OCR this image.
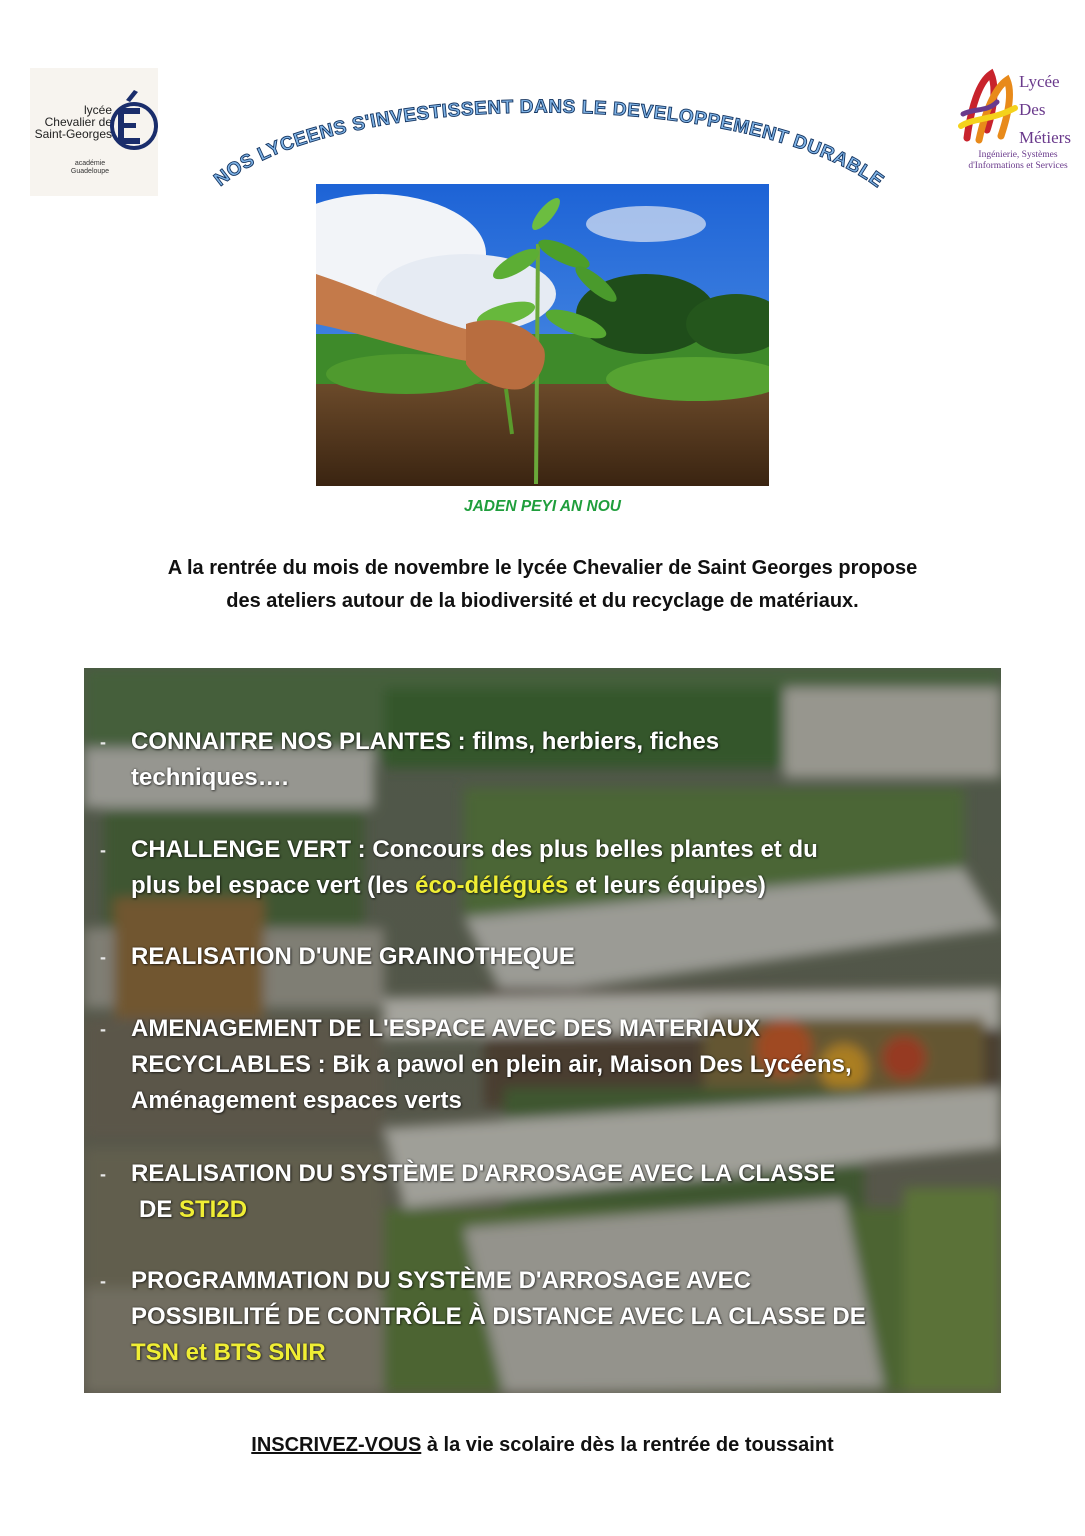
lycée
Chevalier de
Saint-Georges
académie
Guadeloupe
Lycée
Des
Métiers
Ingénierie, Systèmes
d'Informations et Services
NOS LYCEENS S'INVESTISSENT DANS LE DEVELOPPEMENT DURABLE
JADEN PEYI AN NOU
A la rentrée du mois de novembre le lycée Chevalier de Saint Georges propose
des ateliers autour de la biodiversité et du recyclage de matériaux.
- CONNAITRE NOS PLANTES : films, herbiers, fiches
techniques….
- CHALLENGE VERT : Concours des plus belles plantes et du
plus bel espace vert (les éco-délégués et leurs équipes)
- REALISATION D'UNE GRAINOTHEQUE
- AMENAGEMENT DE L'ESPACE AVEC DES MATERIAUX
RECYCLABLES : Bik a pawol en plein air, Maison Des Lycéens,
Aménagement espaces verts
- REALISATION DU SYSTÈME D'ARROSAGE AVEC LA CLASSE
DE STI2D
- PROGRAMMATION DU SYSTÈME D'ARROSAGE AVEC
POSSIBILITÉ DE CONTRÔLE À DISTANCE AVEC LA CLASSE DE
TSN et BTS SNIR
INSCRIVEZ-VOUS à la vie scolaire dès la rentrée de toussaint
